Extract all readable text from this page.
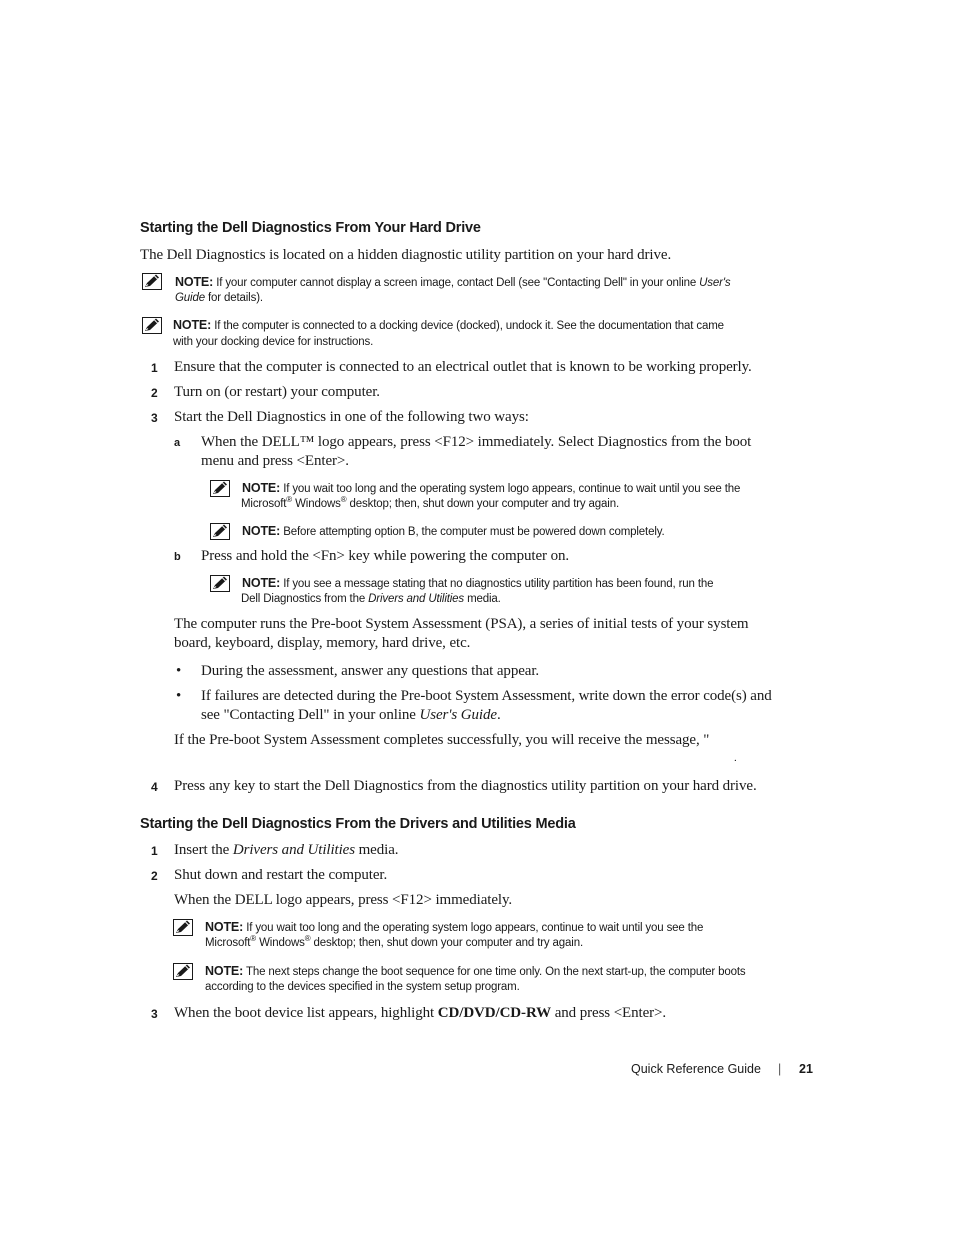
Starting the Dell Diagnostics From Your Hard Drive
The Dell Diagnostics is located on a hidden diagnostic utility partition on your hard drive.
NOTE: If your computer cannot display a screen image, contact Dell (see "Contacting Dell" in your online User's
Guide for details).
NOTE: If the computer is connected to a docking device (docked), undock it. See the documentation that came
with your docking device for instructions.
1 Ensure that the computer is connected to an electrical outlet that is known to be working properly.
2 Turn on (or restart) your computer.
3 Start the Dell Diagnostics in one of the following two ways:
a When the DELL™ logo appears, press <F12> immediately. Select Diagnostics from the boot
menu and press <Enter>.
NOTE: If you wait too long and the operating system logo appears, continue to wait until you see the
Microsoft® Windows® desktop; then, shut down your computer and try again.
NOTE: Before attempting option B, the computer must be powered down completely.
b Press and hold the <Fn> key while powering the computer on.
NOTE: If you see a message stating that no diagnostics utility partition has been found, run the
Dell Diagnostics from the Drivers and Utilities media.
The computer runs the Pre-boot System Assessment (PSA), a series of initial tests of your system
board, keyboard, display, memory, hard drive, etc.
• During the assessment, answer any questions that appear.
• If failures are detected during the Pre-boot System Assessment, write down the error code(s) and
see "Contacting Dell" in your online User's Guide.
If the Pre-boot System Assessment completes successfully, you will receive the message, "
.
4 Press any key to start the Dell Diagnostics from the diagnostics utility partition on your hard drive.
Starting the Dell Diagnostics From the Drivers and Utilities Media
1 Insert the Drivers and Utilities media.
2 Shut down and restart the computer.
When the DELL logo appears, press <F12> immediately.
NOTE: If you wait too long and the operating system logo appears, continue to wait until you see the
Microsoft® Windows® desktop; then, shut down your computer and try again.
NOTE: The next steps change the boot sequence for one time only. On the next start-up, the computer boots
according to the devices specified in the system setup program.
3 When the boot device list appears, highlight CD/DVD/CD-RW and press <Enter>.
Quick Reference Guide | 21
